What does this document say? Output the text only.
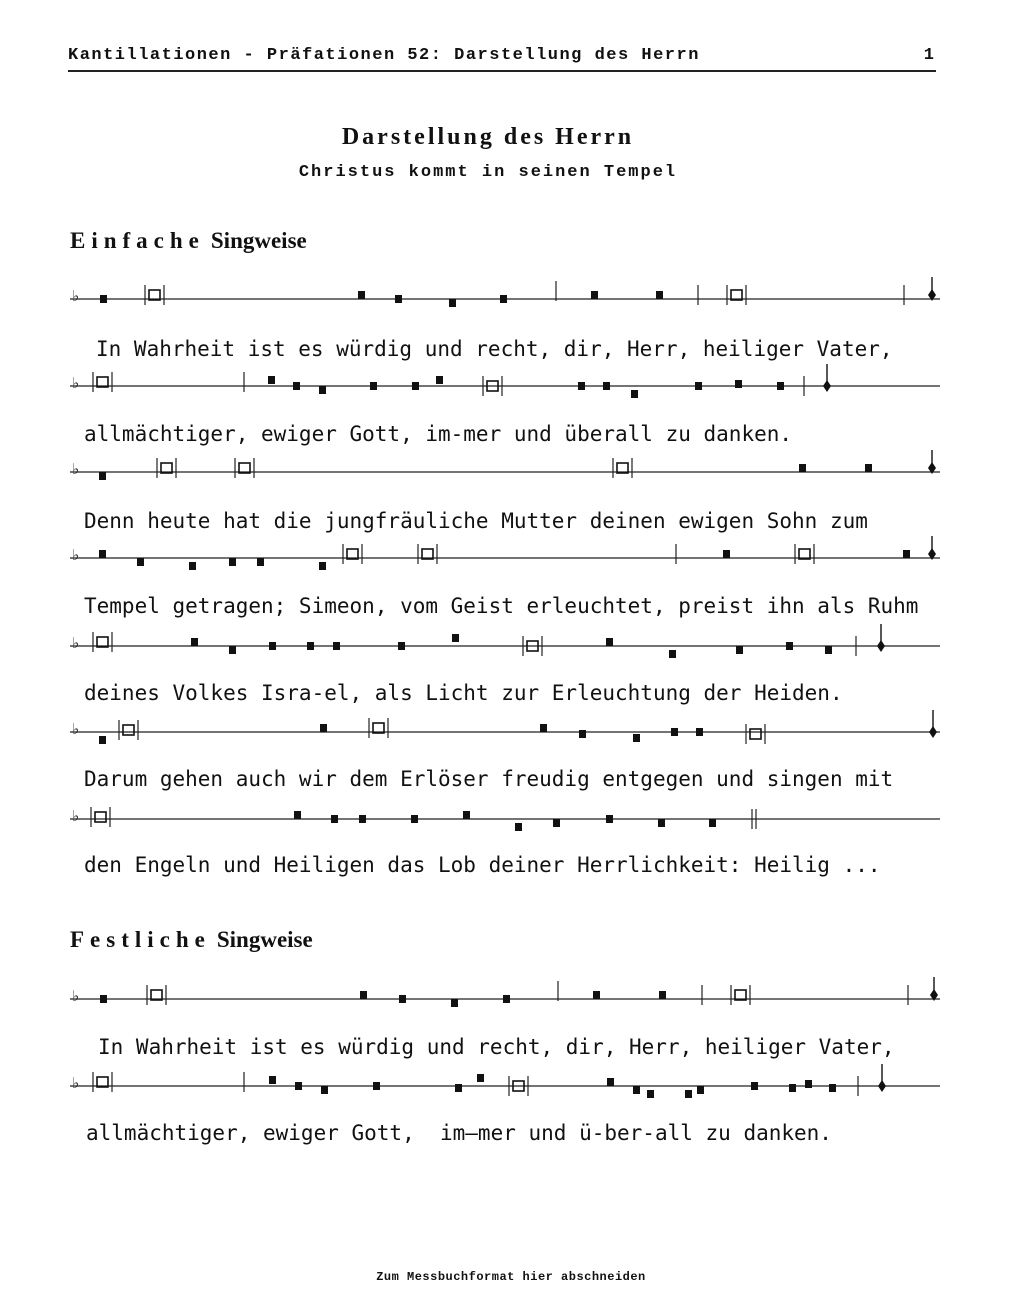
Kantillationen - Präfationen 52: Darstellung des Herrn	1
Darstellung des Herrn
Christus kommt in seinen Tempel
Einfache Singweise
♭
In Wahrheit ist es würdig und recht, dir, Herr, heiliger Vater,
♭
allmächtiger, ewiger Gott, im-mer und überall zu danken.
♭
Denn heute hat die jungfräuliche Mutter deinen ewigen Sohn zum
♭
Tempel getragen; Simeon, vom Geist erleuchtet, preist ihn als Ruhm
♭
deines Volkes Isra-el, als Licht zur Erleuchtung der Heiden.
♭
Darum gehen auch wir dem Erlöser freudig entgegen und singen mit
♭
den Engeln und Heiligen das Lob deiner Herrlichkeit: Heilig ...
Festliche Singweise
♭
In Wahrheit ist es würdig und recht, dir, Herr, heiliger Vater,
♭
allmächtiger, ewiger Gott,  im—mer und ü-ber-all zu danken.
Zum Messbuchformat hier abschneiden
